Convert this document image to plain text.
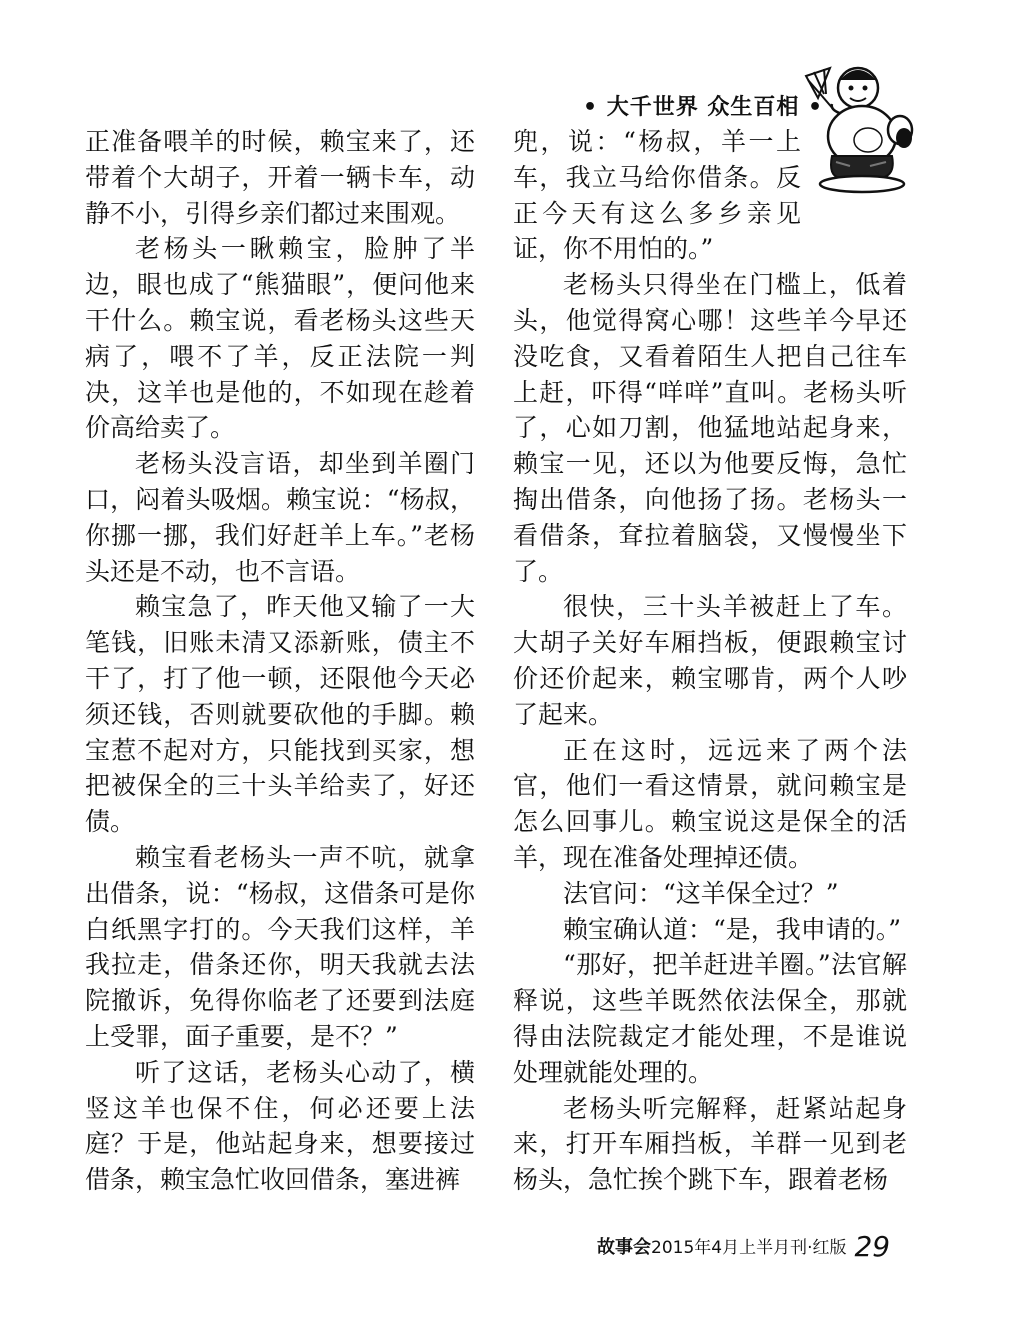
• 大千世界 众生百相 •

正准备喂羊的时候，赖宝来了，还带着个大胡子，开着一辆卡车，动静不小，引得乡亲们都过来围观。

老杨头一瞅赖宝，脸肿了半边，眼也成了“熊猫眼”，便问他来干什么。赖宝说，看老杨头这些天病了，喂不了羊，反正法院一判决，这羊也是他的，不如现在趁着价高给卖了。

老杨头没言语，却坐到羊圈门口，闷着头吸烟。赖宝说：“杨叔，你挪一挪，我们好赶羊上车。”老杨头还是不动，也不言语。

赖宝急了，昨天他又输了一大笔钱，旧账未清又添新账，债主不干了，打了他一顿，还限他今天必须还钱，否则就要砍他的手脚。赖宝惹不起对方，只能找到买家，想把被保全的三十头羊给卖了，好还债。

赖宝看老杨头一声不吭，就拿出借条，说：“杨叔，这借条可是你白纸黑字打的。今天我们这样，羊我拉走，借条还你，明天我就去法院撤诉，免得你临老了还要到法庭上受罪，面子重要，是不？”

听了这话，老杨头心动了，横竖这羊也保不住，何必还要上法庭？于是，他站起身来，想要接过借条，赖宝急忙收回借条，塞进裤

兜，说：“杨叔，羊一上车，我立马给你借条。反正今天有这么多乡亲见证，你不用怕的。”

老杨头只得坐在门槛上，低着头，他觉得窝心哪！这些羊今早还没吃食，又看着陌生人把自己往车上赶，吓得“咩咩”直叫。老杨头听了，心如刀割，他猛地站起身来，赖宝一见，还以为他要反悔，急忙掏出借条，向他扬了扬。老杨头一看借条，耷拉着脑袋，又慢慢坐下了。

很快，三十头羊被赶上了车。大胡子关好车厢挡板，便跟赖宝讨价还价起来，赖宝哪肯，两个人吵了起来。

正在这时，远远来了两个法官，他们一看这情景，就问赖宝是怎么回事儿。赖宝说这是保全的活羊，现在准备处理掉还债。

法官问：“这羊保全过？”

赖宝确认道：“是，我申请的。”

“那好，把羊赶进羊圈。”法官解释说，这些羊既然依法保全，那就得由法院裁定才能处理，不是谁说处理就能处理的。

老杨头听完解释，赶紧站起身来，打开车厢挡板，羊群一见到老杨头，急忙挨个跳下车，跟着老杨

故事会2015年4月上半月刊·红版 29
